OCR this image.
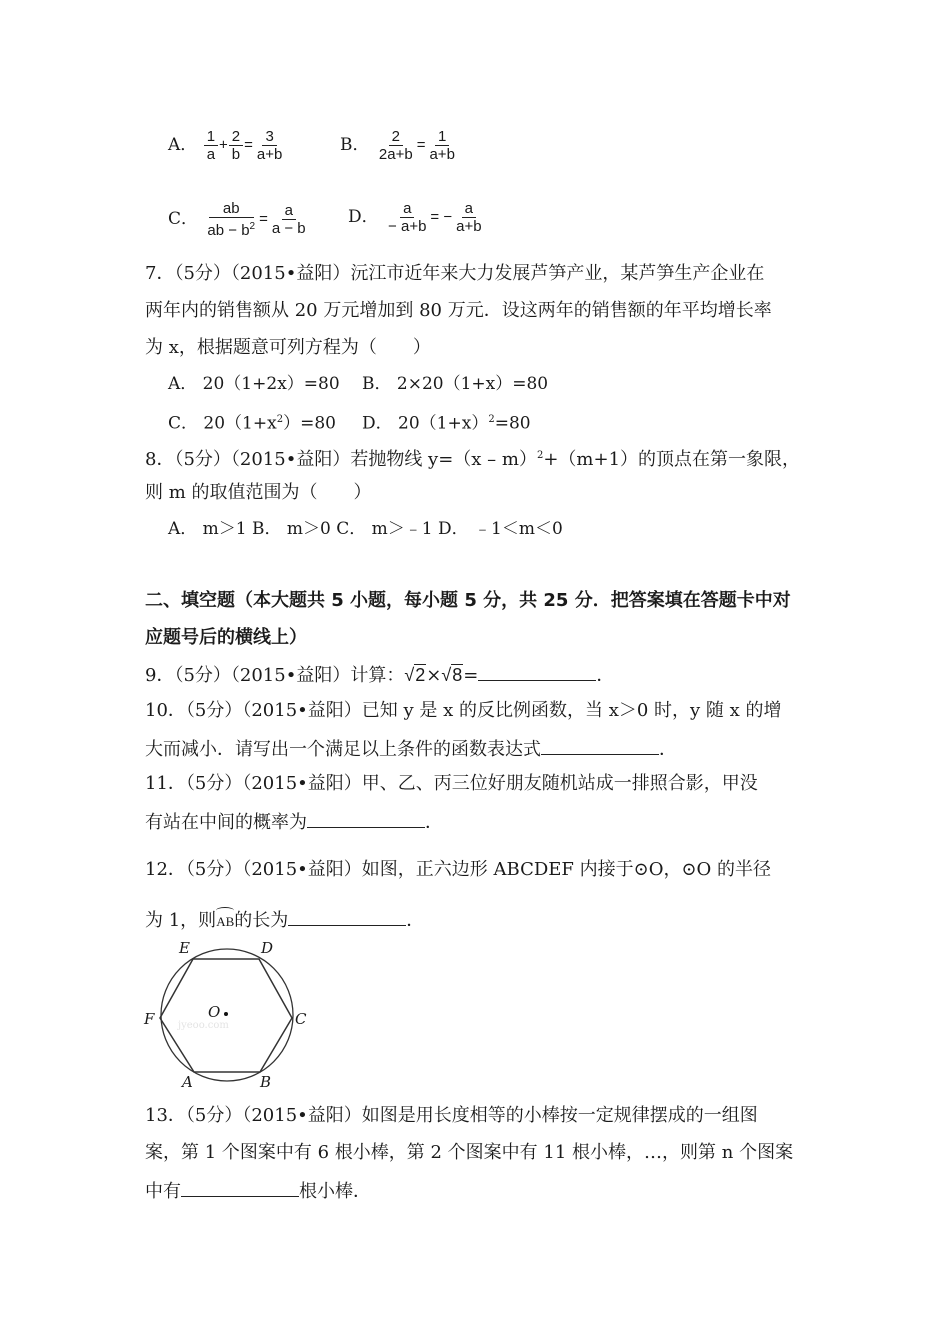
A． $\frac{1}{a} + \frac{2}{b} = \frac{3}{a+b}$	B． $\frac{2}{2a+b} = \frac{1}{a+b}$
C． $\frac{ab}{ab - b^2} = \frac{a}{a - b}$ D． $\frac{a}{- a+b}$ = − $\frac{a}{a+b}$
7．（5分）（2015•益阳）沅江市近年来大力发展芦笋产业，某芦笋生产企业在
两年内的销售额从 20 万元增加到 80 万元．设这两年的销售额的年平均增长率
为 x，根据题意可列方程为（　　）
A． 20（1+2x）=80 B． 2×20（1+x）=80
C． $20(1+x^2)=80$ D． $20(1+x)^2=80$
8．（5分）（2015•益阳）若抛物线 y=（x – m）$^2$+（m+1）的顶点在第一象限，
则 m 的取值范围为（　　）
A． m＞1 B． m＞0 C． m＞﹣1 D． ﹣1＜m＜0
二、填空题（本大题共 5 小题，每小题 5 分，共 25 分．把答案填在答题卡中对
应题号后的横线上）
9．（5分）（2015•益阳）计算：√2×√8=	．
10．（5分）（2015•益阳）已知 y 是 x 的反比例函数，当 x＞0 时，y 随 x 的增
大而减小．请写出一个满足以上条件的函数表达式	．
11．（5分）（2015•益阳）甲、乙、丙三位好朋友随机站成一排照合影，甲没
有站在中间的概率为	．
12．（5分）（2015•益阳）如图，正六边形 ABCDEF 内接于⊙O，⊙O 的半径
为 1，则AB的长为	．
E	D
F	C
O
A	B
jyeoo.com
13．（5分）（2015•益阳）如图是用长度相等的小棒按一定规律摆成的一组图
案，第 1 个图案中有 6 根小棒，第 2 个图案中有 11 根小棒，…，则第 n 个图案
中有	根小棒．
